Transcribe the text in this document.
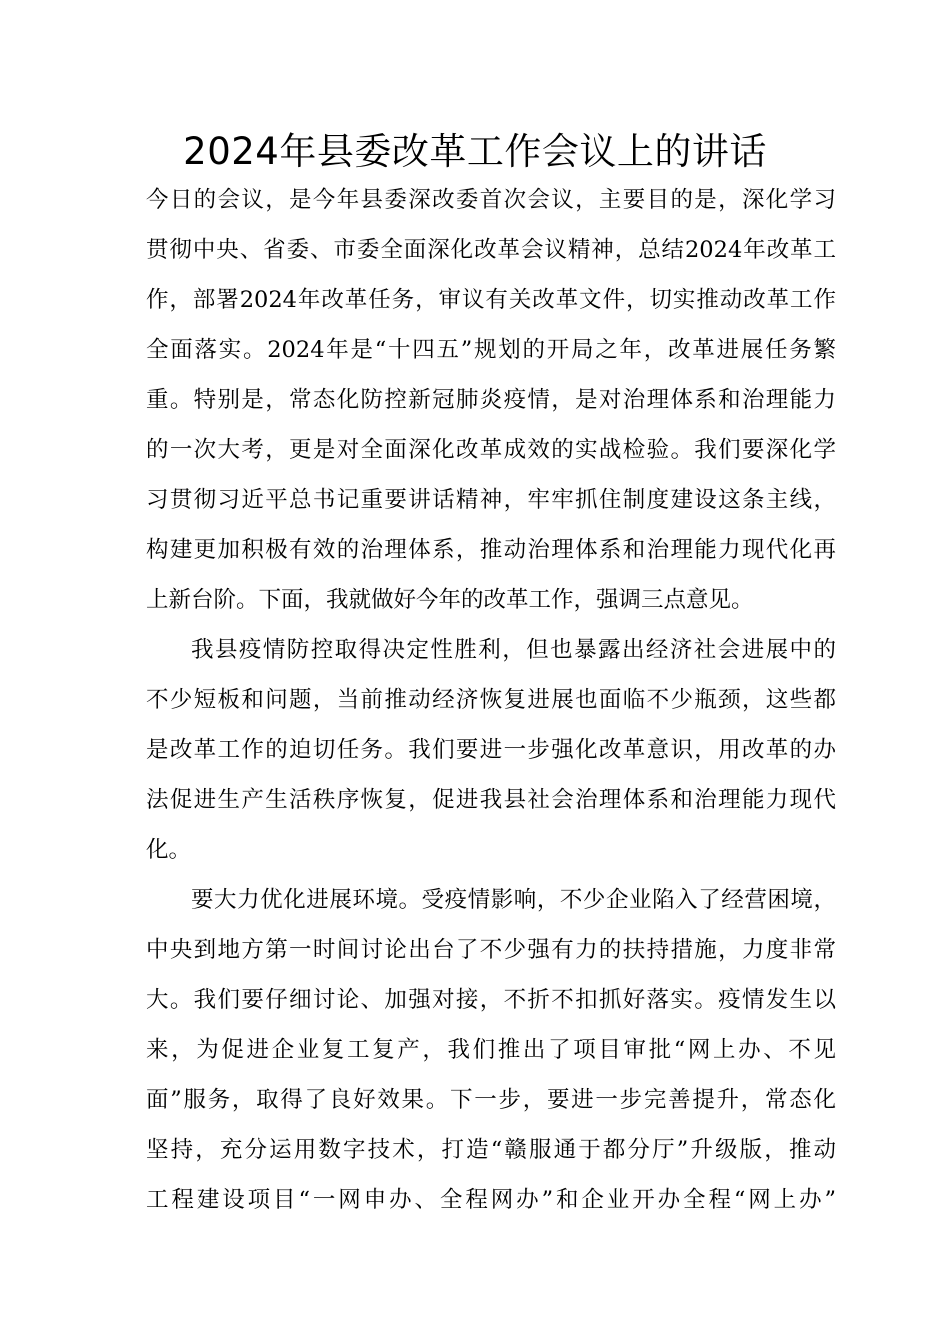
2024年县委改革工作会议上的讲话

今日的会议，是今年县委深改委首次会议，主要目的是，深化学习

贯彻中央、省委、市委全面深化改革会议精神，总结2024年改革工

作，部署2024年改革任务，审议有关改革文件，切实推动改革工作

全面落实。2024年是“十四五”规划的开局之年，改革进展任务繁

重。特别是，常态化防控新冠肺炎疫情，是对治理体系和治理能力

的一次大考，更是对全面深化改革成效的实战检验。我们要深化学

习贯彻习近平总书记重要讲话精神，牢牢抓住制度建设这条主线，

构建更加积极有效的治理体系，推动治理体系和治理能力现代化再

上新台阶。下面，我就做好今年的改革工作，强调三点意见。

我县疫情防控取得决定性胜利，但也暴露出经济社会进展中的

不少短板和问题，当前推动经济恢复进展也面临不少瓶颈，这些都

是改革工作的迫切任务。我们要进一步强化改革意识，用改革的办

法促进生产生活秩序恢复，促进我县社会治理体系和治理能力现代

化。

要大力优化进展环境。受疫情影响，不少企业陷入了经营困境，

中央到地方第一时间讨论出台了不少强有力的扶持措施，力度非常

大。我们要仔细讨论、加强对接，不折不扣抓好落实。疫情发生以

来，为促进企业复工复产，我们推出了项目审批“网上办、不见

面”服务，取得了良好效果。下一步，要进一步完善提升，常态化

坚持，充分运用数字技术，打造“赣服通于都分厅”升级版，推动

工程建设项目“一网申办、全程网办”和企业开办全程“网上办”
